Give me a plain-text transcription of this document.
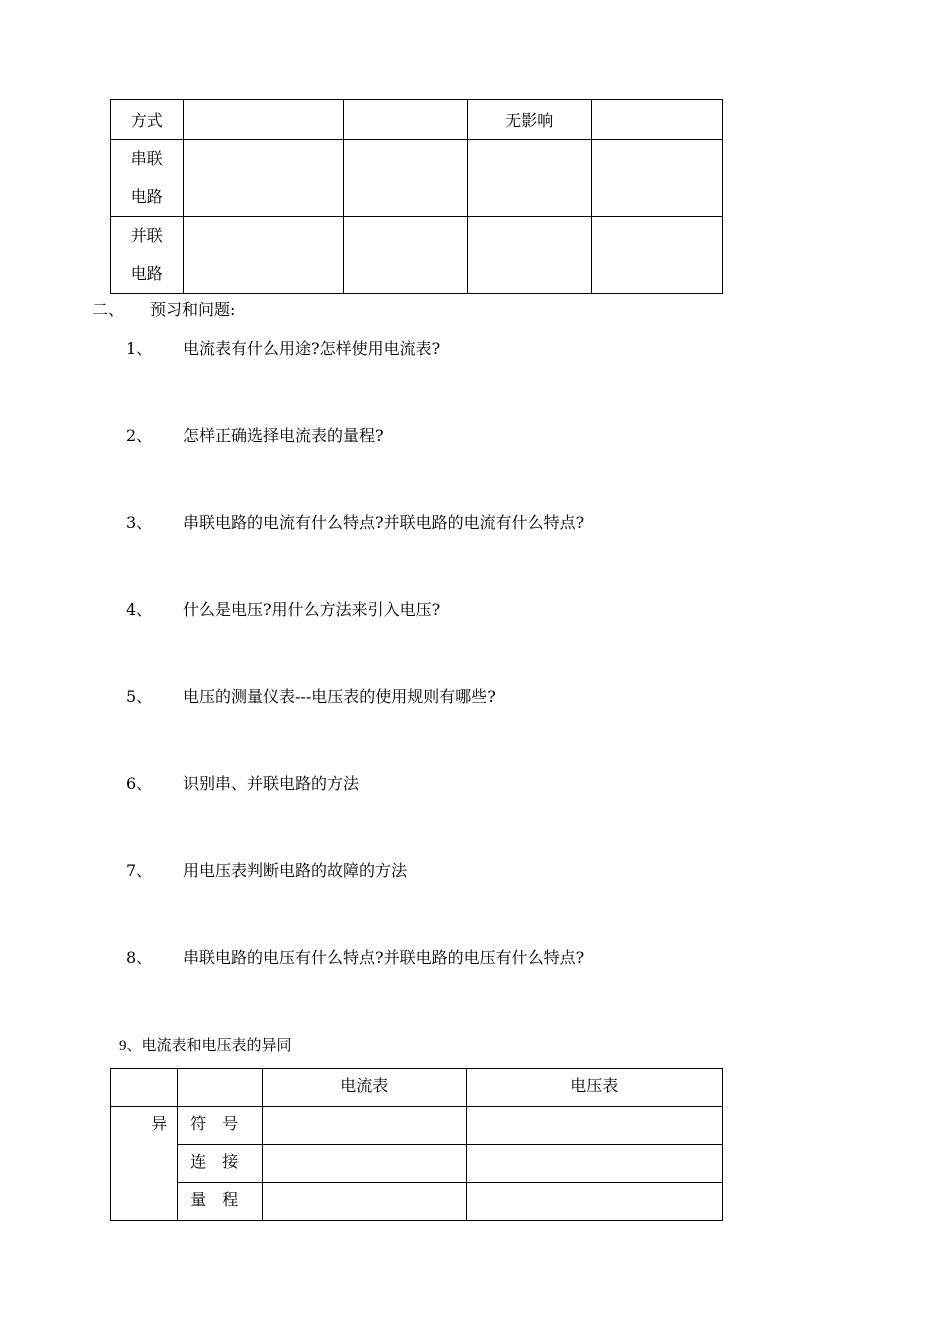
方式			无影响	

串联
电路				

并联
电路				

二、 预习和问题:
1、 电流表有什么用途?怎样使用电流表?
2、 怎样正确选择电流表的量程?
3、 串联电路的电流有什么特点?并联电路的电流有什么特点?
4、 什么是电压?用什么方法来引入电压?
5、 电压的测量仪表---电压表的使用规则有哪些?
6、 识别串、并联电路的方法
7、 用电压表判断电路的故障的方法
8、 串联电路的电压有什么特点?并联电路的电压有什么特点?
9、电流表和电压表的异同
		电流表	电压表
异	符号		
	连接		
	量程		
